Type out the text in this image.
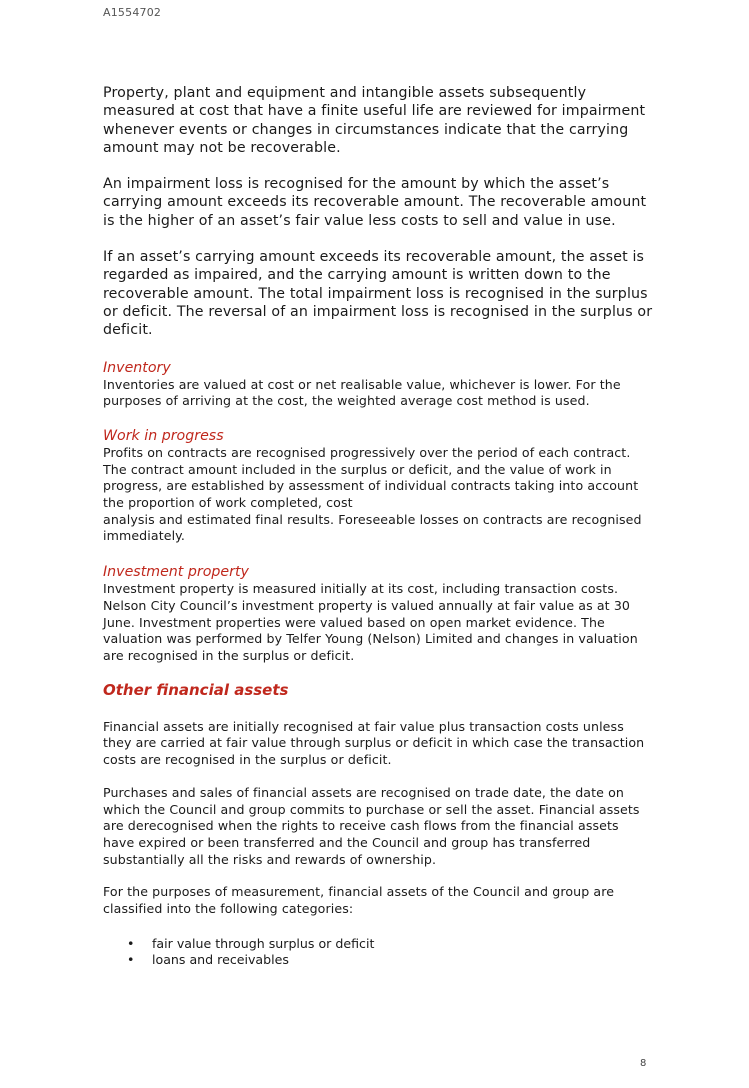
A1554702

Property, plant and equipment and intangible assets subsequently measured at cost that have a finite useful life are reviewed for impairment whenever events or changes in circumstances indicate that the carrying amount may not be recoverable.

An impairment loss is recognised for the amount by which the asset’s carrying amount exceeds its recoverable amount. The recoverable amount is the higher of an asset’s fair value less costs to sell and value in use.

If an asset’s carrying amount exceeds its recoverable amount, the asset is regarded as impaired, and the carrying amount is written down to the recoverable amount. The total impairment loss is recognised in the surplus or deficit. The reversal of an impairment loss is recognised in the surplus or deficit.

Inventory

Inventories are valued at cost or net realisable value, whichever is lower. For the purposes of arriving at the cost, the weighted average cost method is used.

Work in progress

Profits on contracts are recognised progressively over the period of each contract. The contract amount included in the surplus or deficit, and the value of work in progress, are established by assessment of individual contracts taking into account the proportion of work completed, cost

analysis and estimated final results. Foreseeable losses on contracts are recognised immediately.

Investment property

Investment property is measured initially at its cost, including transaction costs. Nelson City Council’s investment property is valued annually at fair value as at 30 June. Investment properties were valued based on open market evidence. The valuation was performed by Telfer Young (Nelson) Limited and changes in valuation are recognised in the surplus or deficit.

Other financial assets

Financial assets are initially recognised at fair value plus transaction costs unless they are carried at fair value through surplus or deficit in which case the transaction costs are recognised in the surplus or deficit.

Purchases and sales of financial assets are recognised on trade date, the date on which the Council and group commits to purchase or sell the asset. Financial assets are derecognised when the rights to receive cash flows from the financial assets have expired or been transferred and the Council and group has transferred substantially all the risks and rewards of ownership.

For the purposes of measurement, financial assets of the Council and group are classified into the following categories:

• fair value through surplus or deficit
• loans and receivables
8
